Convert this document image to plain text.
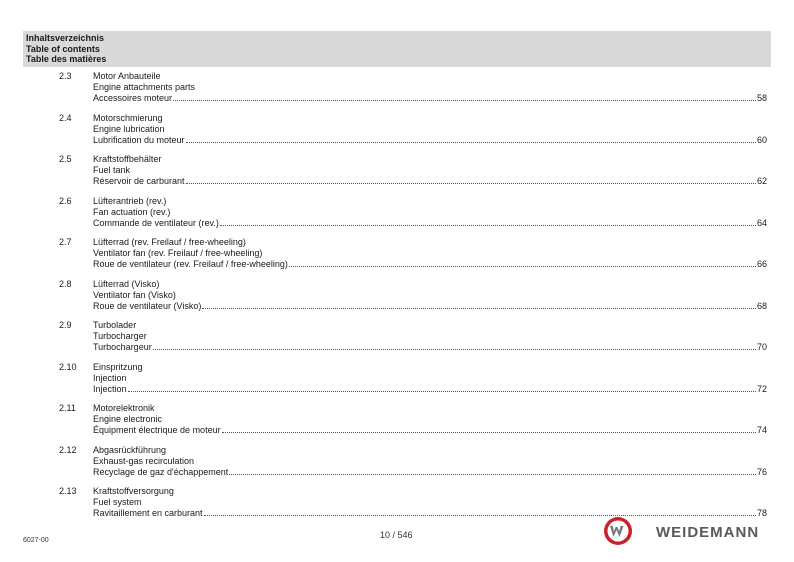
Inhaltsverzeichnis
Table of contents
Table des matières
2.3 Motor Anbauteile
Engine attachments parts
Accessoires moteur	58
2.4 Motorschmierung
Engine lubrication
Lubrification du moteur	60
2.5 Kraftstoffbehälter
Fuel tank
Réservoir de carburant	62
2.6 Lüfterantrieb (rev.)
Fan actuation (rev.)
Commande de ventilateur (rev.)	64
2.7 Lüfterrad (rev. Freilauf / free-wheeling)
Ventilator fan (rev. Freilauf / free-wheeling)
Roue de ventilateur (rev. Freilauf / free-wheeling)	66
2.8 Lüfterrad (Visko)
Ventilator fan (Visko)
Roue de ventilateur (Visko)	68
2.9 Turbolader
Turbocharger
Turbochargeur	70
2.10 Einspritzung
Injection
Injection	72
2.11 Motorelektronik
Engine electronic
Équipment électrique de moteur	74
2.12 Abgasrückführung
Exhaust-gas recirculation
Recyclage de gaz d'échappement	76
2.13 Kraftstoffversorgung
Fuel system
Ravitaillement en carburant	78
6027-00
10 / 546	WEIDEMANN
